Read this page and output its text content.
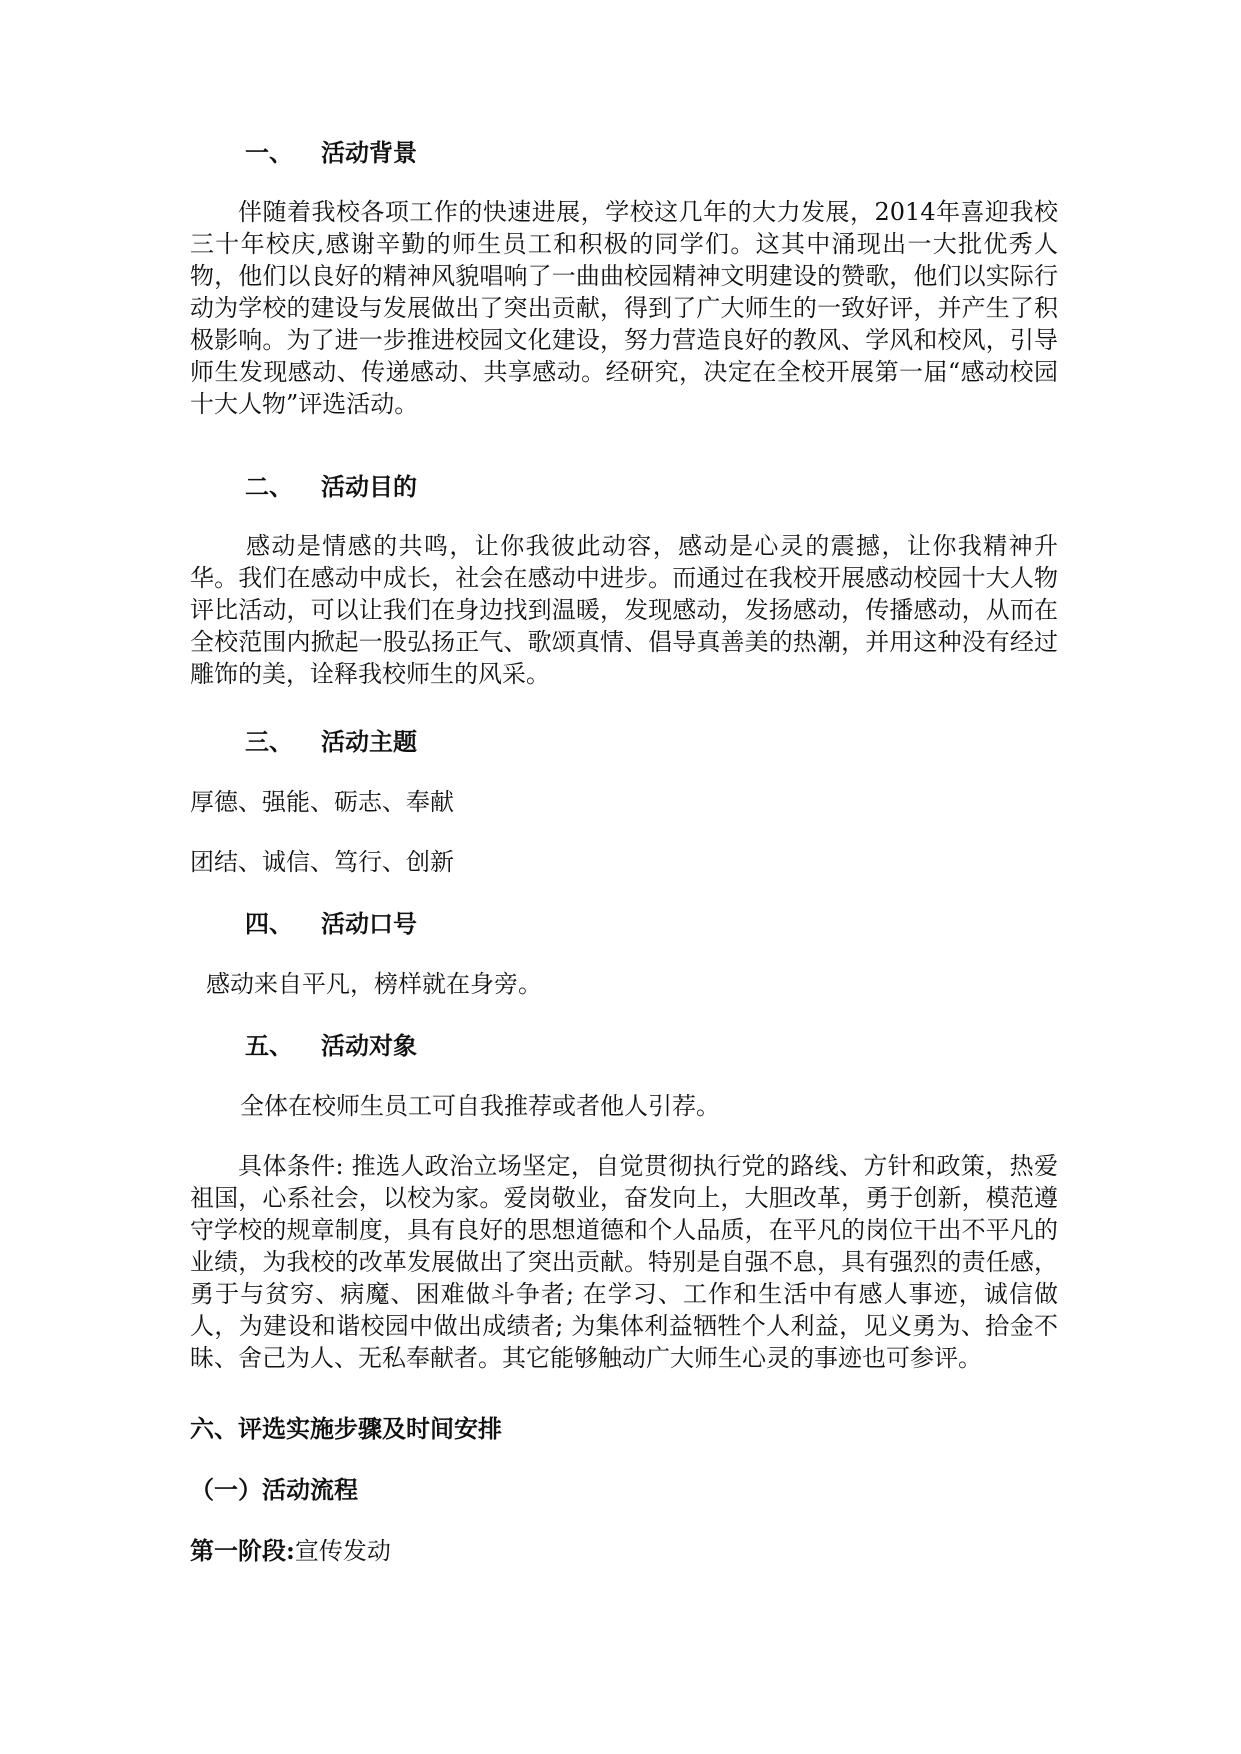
一、 活动背景
伴随着我校各项工作的快速进展，学校这几年的大力发展，2014年喜迎我校三十年校庆,感谢辛勤的师生员工和积极的同学们。这其中涌现出一大批优秀人物，他们以良好的精神风貌唱响了一曲曲校园精神文明建设的赞歌，他们以实际行动为学校的建设与发展做出了突出贡献，得到了广大师生的一致好评，并产生了积极影响。为了进一步推进校园文化建设，努力营造良好的教风、学风和校风，引导师生发现感动、传递感动、共享感动。经研究，决定在全校开展第一届“感动校园十大人物”评选活动。
二、 活动目的
感动是情感的共鸣，让你我彼此动容，感动是心灵的震撼，让你我精神升华。我们在感动中成长，社会在感动中进步。而通过在我校开展感动校园十大人物评比活动，可以让我们在身边找到温暖，发现感动，发扬感动，传播感动，从而在全校范围内掀起一股弘扬正气、歌颂真情、倡导真善美的热潮，并用这种没有经过雕饰的美，诠释我校师生的风采。
三、 活动主题
厚德、强能、砺志、奉献
团结、诚信、笃行、创新
四、 活动口号
感动来自平凡，榜样就在身旁。
五、 活动对象
全体在校师生员工可自我推荐或者他人引荐。
具体条件: 推选人政治立场坚定，自觉贯彻执行党的路线、方针和政策，热爱祖国，心系社会，以校为家。爱岗敬业，奋发向上，大胆改革，勇于创新，模范遵守学校的规章制度，具有良好的思想道德和个人品质，在平凡的岗位干出不平凡的业绩，为我校的改革发展做出了突出贡献。特别是自强不息，具有强烈的责任感，勇于与贫穷、病魔、困难做斗争者; 在学习、工作和生活中有感人事迹，诚信做人，为建设和谐校园中做出成绩者; 为集体利益牺牲个人利益，见义勇为、拾金不昧、舍己为人、无私奉献者。其它能够触动广大师生心灵的事迹也可参评。
六、评选实施步骤及时间安排
（一）活动流程
第一阶段:宣传发动
